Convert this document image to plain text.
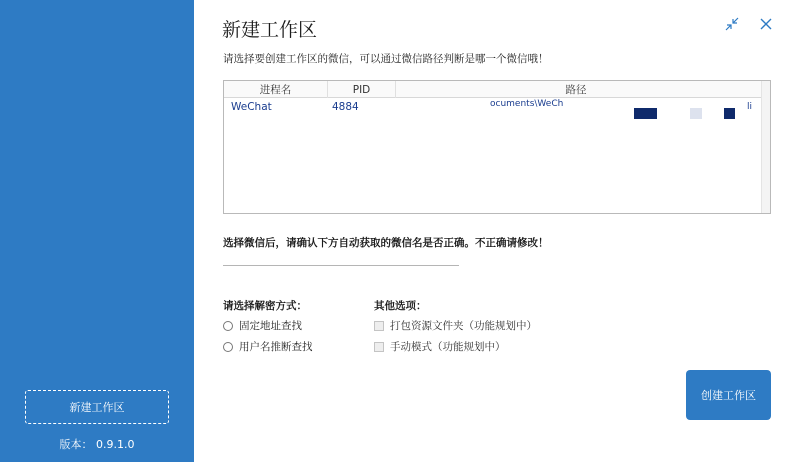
新建工作区
版本： 0.9.1.0
新建工作区
请选择要创建工作区的微信，可以通过微信路径判断是哪一个微信哦！
进程名	PID	路径
WeChat	4884	ocuments\WeCh	li
选择微信后，请确认下方自动获取的微信名是否正确。不正确请修改！
请选择解密方式：
固定地址查找
用户名推断查找
其他选项：
打包资源文件夹（功能规划中）
手动模式（功能规划中）
创建工作区
